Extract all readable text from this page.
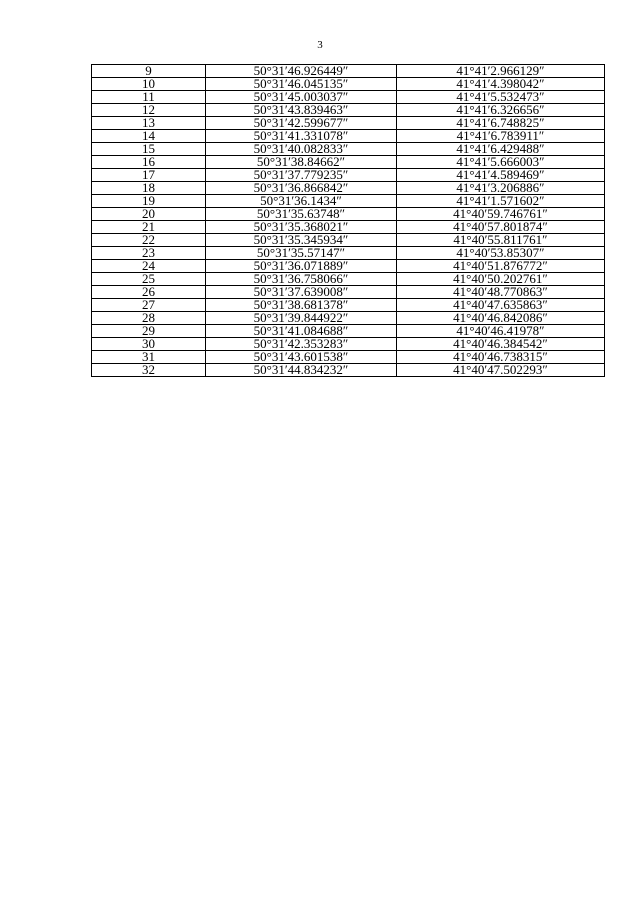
3
9	50°31′46.926449″	41°41′2.966129″
10	50°31′46.045135″	41°41′4.398042″
11	50°31′45.003037″	41°41′5.532473″
12	50°31′43.839463″	41°41′6.326656″
13	50°31′42.599677″	41°41′6.748825″
14	50°31′41.331078″	41°41′6.783911″
15	50°31′40.082833″	41°41′6.429488″
16	50°31′38.84662″	41°41′5.666003″
17	50°31′37.779235″	41°41′4.589469″
18	50°31′36.866842″	41°41′3.206886″
19	50°31′36.1434″	41°41′1.571602″
20	50°31′35.63748″	41°40′59.746761″
21	50°31′35.368021″	41°40′57.801874″
22	50°31′35.345934″	41°40′55.811761″
23	50°31′35.57147″	41°40′53.85307″
24	50°31′36.071889″	41°40′51.876772″
25	50°31′36.758066″	41°40′50.202761″
26	50°31′37.639008″	41°40′48.770863″
27	50°31′38.681378″	41°40′47.635863″
28	50°31′39.844922″	41°40′46.842086″
29	50°31′41.084688″	41°40′46.41978″
30	50°31′42.353283″	41°40′46.384542″
31	50°31′43.601538″	41°40′46.738315″
32	50°31′44.834232″	41°40′47.502293″
